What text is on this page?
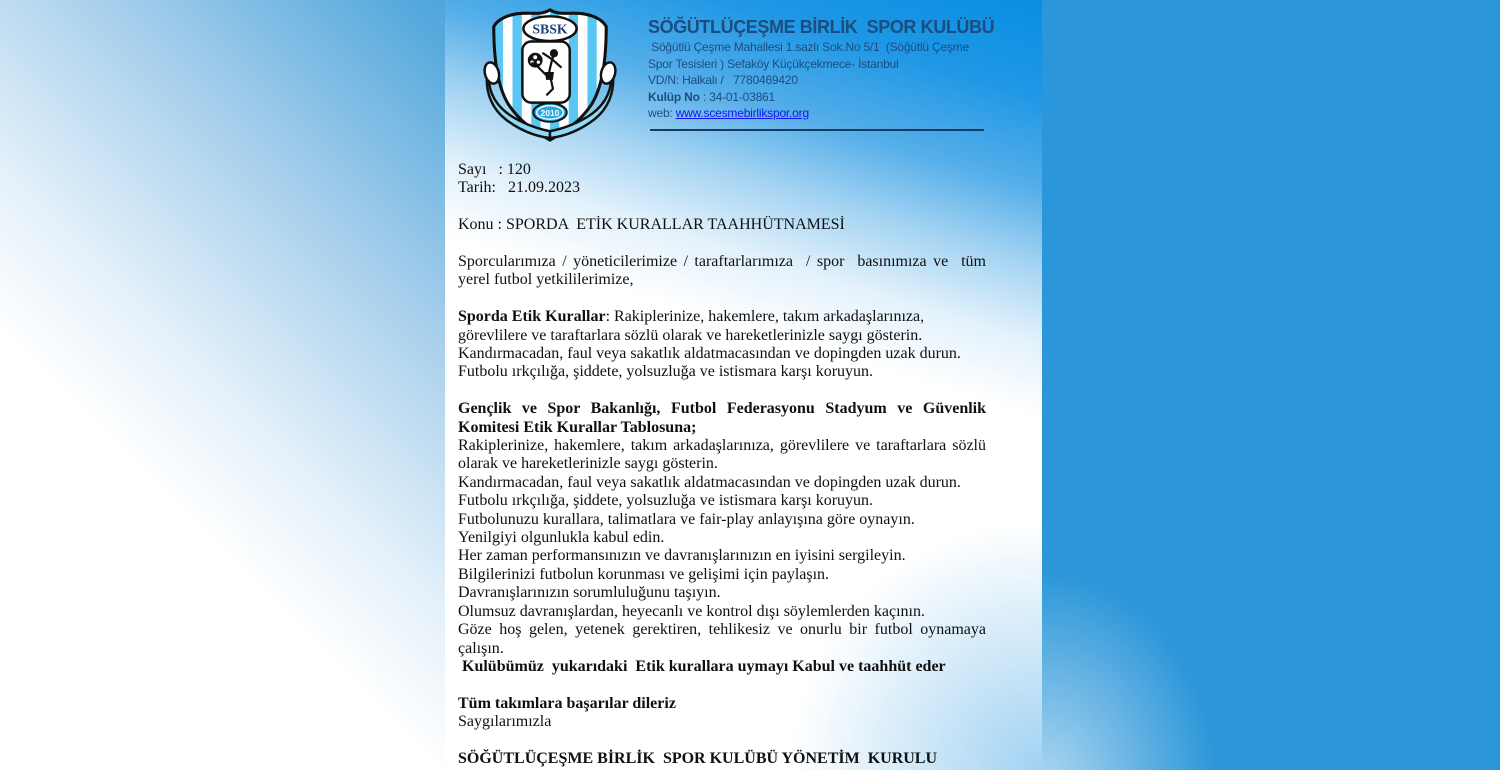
SBSK
2010
SÖĞÜTLÜÇEŞME BİRLİK  SPOR KULÜBÜ
Söğütlü Çeşme Mahallesi 1.sazlı Sok.No 5/1  (Söğütlü Çeşme
Spor Tesisleri ) Sefaköy Küçükçekmece- İstanbul
VD/N: Halkalı /   7780469420
Kulüp No : 34-01-03861
web: www.scesmebirlikspor.org
Sayı   : 120
Tarih:   21.09.2023
Konu : SPORDA  ETİK KURALLAR TAAHHÜTNAMESİ
Sporcularımıza / yöneticilerimize / taraftarlarımıza  / spor  basınımıza ve  tüm
yerel futbol yetkililerimize,
Sporda Etik Kurallar: Rakiplerinize, hakemlere, takım arkadaşlarınıza,
görevlilere ve taraftarlara sözlü olarak ve hareketlerinizle saygı gösterin.
Kandırmacadan, faul veya sakatlık aldatmacasından ve dopingden uzak durun.
Futbolu ırkçılığa, şiddete, yolsuzluğa ve istismara karşı koruyun.
Gençlik ve Spor Bakanlığı, Futbol Federasyonu Stadyum ve Güvenlik
Komitesi Etik Kurallar Tablosuna;
Rakiplerinize, hakemlere, takım arkadaşlarınıza, görevlilere ve taraftarlara sözlü
olarak ve hareketlerinizle saygı gösterin.
Kandırmacadan, faul veya sakatlık aldatmacasından ve dopingden uzak durun.
Futbolu ırkçılığa, şiddete, yolsuzluğa ve istismara karşı koruyun.
Futbolunuzu kurallara, talimatlara ve fair-play anlayışına göre oynayın.
Yenilgiyi olgunlukla kabul edin.
Her zaman performansınızın ve davranışlarınızın en iyisini sergileyin.
Bilgilerinizi futbolun korunması ve gelişimi için paylaşın.
Davranışlarınızın sorumluluğunu taşıyın.
Olumsuz davranışlardan, heyecanlı ve kontrol dışı söylemlerden kaçının.
Göze hoş gelen, yetenek gerektiren, tehlikesiz ve onurlu bir futbol oynamaya
çalışın.
Kulübümüz  yukarıdaki  Etik kurallara uymayı Kabul ve taahhüt eder
Tüm takımlara başarılar dileriz
Saygılarımızla
SÖĞÜTLÜÇEŞME BİRLİK  SPOR KULÜBÜ YÖNETİM  KURULU
